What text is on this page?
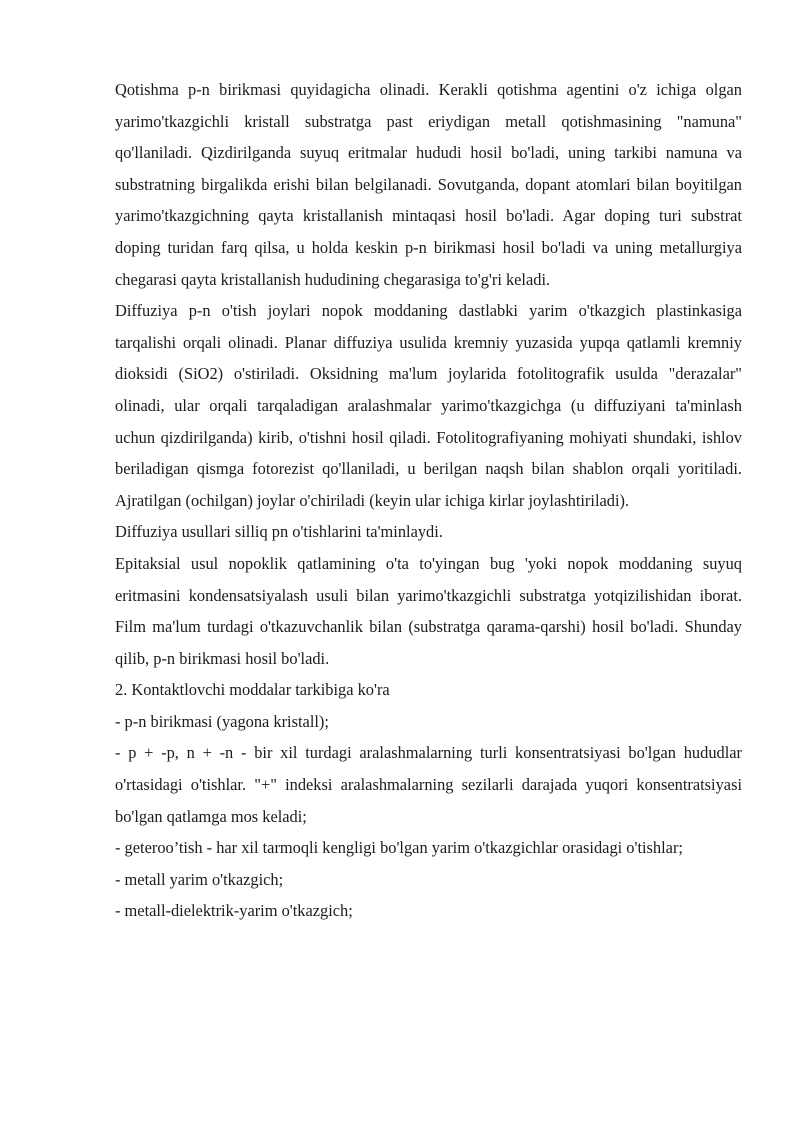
Qotishma p-n birikmasi quyidagicha olinadi. Kerakli qotishma agentini o'z ichiga olgan yarimo'tkazgichli kristall substratga past eriydigan metall qotishmasining "namuna" qo'llaniladi. Qizdirilganda suyuq eritmalar hududi hosil bo'ladi, uning tarkibi namuna va substratning birgalikda erishi bilan belgilanadi. Sovutganda, dopant atomlari bilan boyitilgan yarimo'tkazgichning qayta kristallanish mintaqasi hosil bo'ladi. Agar doping turi substrat doping turidan farq qilsa, u holda keskin p-n birikmasi hosil bo'ladi va uning metallurgiya chegarasi qayta kristallanish hududining chegarasiga to'g'ri keladi.

Diffuziya p-n o'tish joylari nopok moddaning dastlabki yarim o'tkazgich plastinkasiga tarqalishi orqali olinadi. Planar diffuziya usulida kremniy yuzasida yupqa qatlamli kremniy dioksidi (SiO2) o'stiriladi. Oksidning ma'lum joylarida fotolitografik usulda "derazalar" olinadi, ular orqali tarqaladigan aralashmalar yarimo'tkazgichga (u diffuziyani ta'minlash uchun qizdirilganda) kirib, o'tishni hosil qiladi. Fotolitografiyaning mohiyati shundaki, ishlov beriladigan qismga fotorezist qo'llaniladi, u berilgan naqsh bilan shablon orqali yoritiladi. Ajratilgan (ochilgan) joylar o'chiriladi (keyin ular ichiga kirlar joylashtiriladi).

Diffuziya usullari silliq pn o'tishlarini ta'minlaydi.

Epitaksial usul nopoklik qatlamining o'ta to'yingan bug 'yoki nopok moddaning suyuq eritmasini kondensatsiyalash usuli bilan yarimo'tkazgichli substratga yotqizilishidan iborat. Film ma'lum turdagi o'tkazuvchanlik bilan (substratga qarama-qarshi) hosil bo'ladi. Shunday qilib, p-n birikmasi hosil bo'ladi.

2. Kontaktlovchi moddalar tarkibiga ko'ra

- p-n birikmasi (yagona kristall);

- p + -p, n + -n - bir xil turdagi aralashmalarning turli konsentratsiyasi bo'lgan hududlar o'rtasidagi o'tishlar. "+" indeksi aralashmalarning sezilarli darajada yuqori konsentratsiyasi bo'lgan qatlamga mos keladi;

- geteroo’tish - har xil tarmoqli kengligi bo'lgan yarim o'tkazgichlar orasidagi o'tishlar;

- metall yarim o'tkazgich;

- metall-dielektrik-yarim o'tkazgich;
